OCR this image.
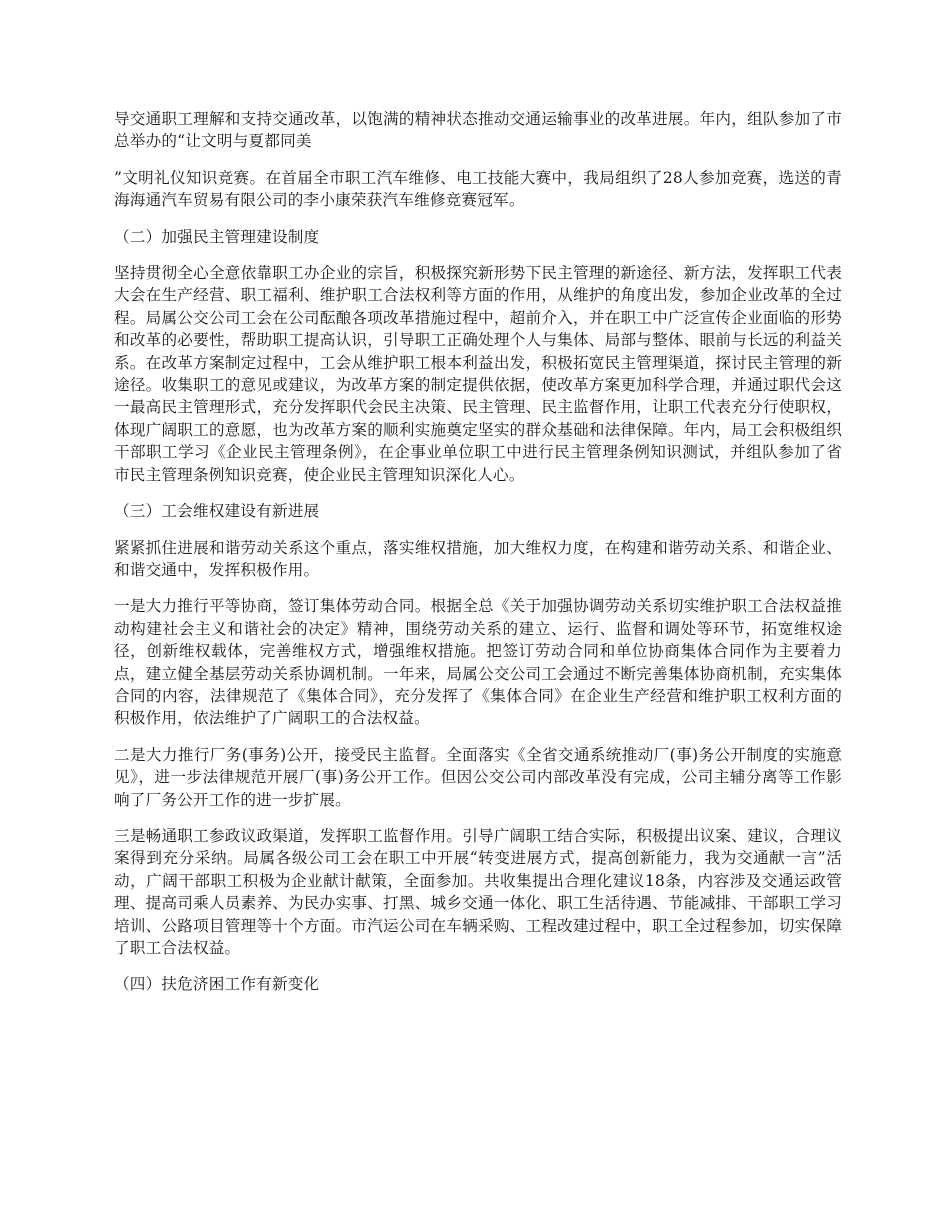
导交通职工理解和支持交通改革，以饱满的精神状态推动交通运输事业的改革进展。年内，组队参加了市总举办的“让文明与夏都同美

”文明礼仪知识竞赛。在首届全市职工汽车维修、电工技能大赛中，我局组织了28人参加竞赛，选送的青海海通汽车贸易有限公司的李小康荣获汽车维修竞赛冠军。

（二）加强民主管理建设制度

坚持贯彻全心全意依靠职工办企业的宗旨，积极探究新形势下民主管理的新途径、新方法，发挥职工代表大会在生产经营、职工福利、维护职工合法权利等方面的作用，从维护的角度出发，参加企业改革的全过程。局属公交公司工会在公司酝酿各项改革措施过程中，超前介入，并在职工中广泛宣传企业面临的形势和改革的必要性，帮助职工提高认识，引导职工正确处理个人与集体、局部与整体、眼前与长远的利益关系。在改革方案制定过程中，工会从维护职工根本利益出发，积极拓宽民主管理渠道，探讨民主管理的新途径。收集职工的意见或建议，为改革方案的制定提供依据，使改革方案更加科学合理，并通过职代会这一最高民主管理形式，充分发挥职代会民主决策、民主管理、民主监督作用，让职工代表充分行使职权，体现广阔职工的意愿，也为改革方案的顺利实施奠定坚实的群众基础和法律保障。年内，局工会积极组织干部职工学习《企业民主管理条例》，在企事业单位职工中进行民主管理条例知识测试，并组队参加了省市民主管理条例知识竞赛，使企业民主管理知识深化人心。

（三）工会维权建设有新进展

紧紧抓住进展和谐劳动关系这个重点，落实维权措施，加大维权力度，在构建和谐劳动关系、和谐企业、和谐交通中，发挥积极作用。

一是大力推行平等协商，签订集体劳动合同。根据全总《关于加强协调劳动关系切实维护职工合法权益推动构建社会主义和谐社会的决定》精神，围绕劳动关系的建立、运行、监督和调处等环节，拓宽维权途径，创新维权载体，完善维权方式，增强维权措施。把签订劳动合同和单位协商集体合同作为主要着力点，建立健全基层劳动关系协调机制。一年来，局属公交公司工会通过不断完善集体协商机制，充实集体合同的内容，法律规范了《集体合同》，充分发挥了《集体合同》在企业生产经营和维护职工权利方面的积极作用，依法维护了广阔职工的合法权益。

二是大力推行厂务(事务)公开，接受民主监督。全面落实《全省交通系统推动厂(事)务公开制度的实施意见》，进一步法律规范开展厂(事)务公开工作。但因公交公司内部改革没有完成，公司主辅分离等工作影响了厂务公开工作的进一步扩展。

三是畅通职工参政议政渠道，发挥职工监督作用。引导广阔职工结合实际，积极提出议案、建议，合理议案得到充分采纳。局属各级公司工会在职工中开展“转变进展方式，提高创新能力，我为交通献一言”活动，广阔干部职工积极为企业献计献策，全面参加。共收集提出合理化建议18条，内容涉及交通运政管理、提高司乘人员素养、为民办实事、打黑、城乡交通一体化、职工生活待遇、节能减排、干部职工学习培训、公路项目管理等十个方面。市汽运公司在车辆采购、工程改建过程中，职工全过程参加，切实保障了职工合法权益。

（四）扶危济困工作有新变化
